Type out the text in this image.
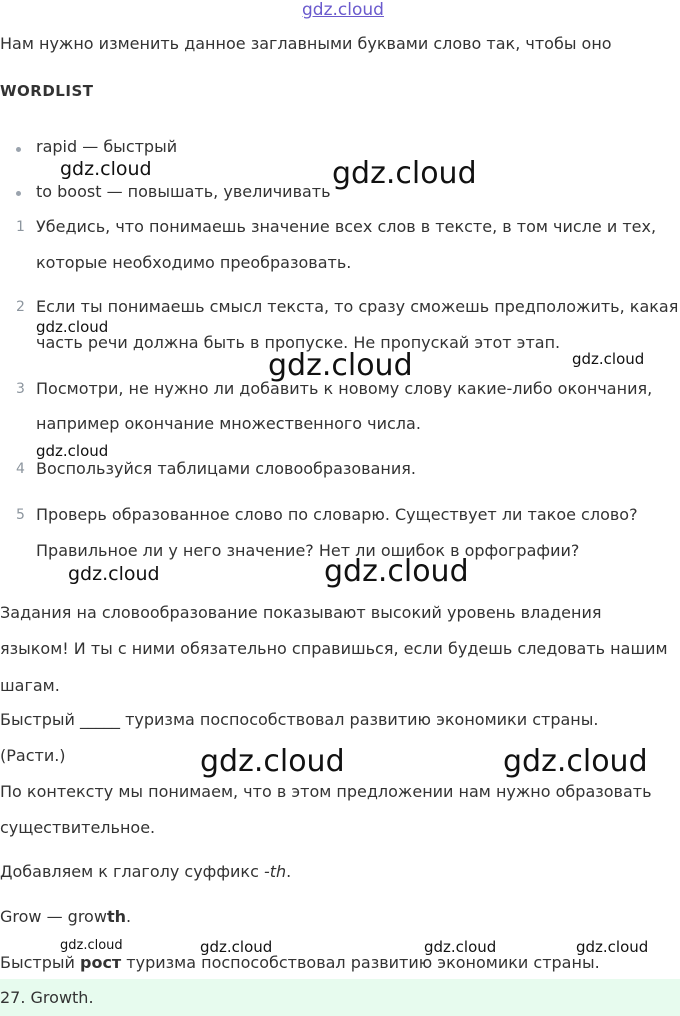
gdz.cloud
Нам нужно изменить данное заглавными буквами слово так, чтобы оно
WORDLIST
rapid — быстрый
to boost — повышать, увеличивать
1 Убедись, что понимаешь значение всех слов в тексте, в том числе и тех,
которые необходимо преобразовать.
2 Если ты понимаешь смысл текста, то сразу сможешь предположить, какая
часть речи должна быть в пропуске. Не пропускай этот этап.
3 Посмотри, не нужно ли добавить к новому слову какие-либо окончания,
например окончание множественного числа.
4 Воспользуйся таблицами словообразования.
5 Проверь образованное слово по словарю. Существует ли такое слово?
Правильное ли у него значение? Нет ли ошибок в орфографии?
Задания на словообразование показывают высокий уровень владения
языком! И ты с ними обязательно справишься, если будешь следовать нашим
шагам.
Быстрый _____ туризма поспособствовал развитию экономики страны.
(Расти.)
По контексту мы понимаем, что в этом предложении нам нужно образовать
существительное.
Добавляем к глаголу суффикс -th.
Grow — growth.
Быстрый рост туризма поспособствовал развитию экономики страны.
27. Growth.
gdz.cloud	gdz.cloud
gdz.cloud
gdz.cloud	gdz.cloud
gdz.cloud
gdz.cloud	gdz.cloud
gdz.cloud	gdz.cloud
gdz.cloud	gdz.cloud	gdz.cloud	gdz.cloud
